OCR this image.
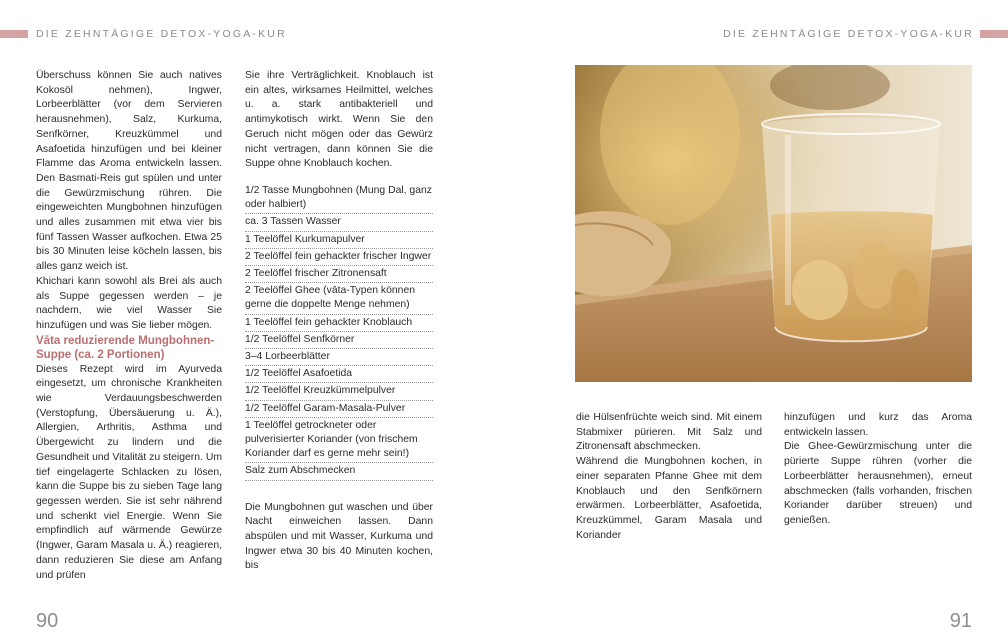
DIE ZEHNTÄGIGE DETOX-YOGA-KUR

Überschuss können Sie auch natives Kokosöl nehmen), Ingwer, Lorbeerblätter (vor dem Servieren herausnehmen), Salz, Kurkuma, Senfkörner, Kreuzkümmel und Asafoetida hinzufügen und bei kleiner Flamme das Aroma entwickeln lassen. Den Basmati-Reis gut spülen und unter die Gewürzmischung rühren. Die eingeweichten Mungbohnen hinzufügen und alles zusammen mit etwa vier bis fünf Tassen Wasser aufkochen. Etwa 25 bis 30 Minuten leise köcheln lassen, bis alles ganz weich ist.

Khichari kann sowohl als Brei als auch als Suppe gegessen werden – je nachdem, wie viel Wasser Sie hinzufügen und was Sie lieber mögen.

Vāta reduzierende Mungbohnen-Suppe (ca. 2 Portionen)

Dieses Rezept wird im Ayurveda eingesetzt, um chronische Krankheiten wie Verdauungsbeschwerden (Verstopfung, Übersäuerung u. Ä.), Allergien, Arthritis, Asthma und Übergewicht zu lindern und die Gesundheit und Vitalität zu steigern. Um tief eingelagerte Schlacken zu lösen, kann die Suppe bis zu sieben Tage lang gegessen werden. Sie ist sehr nährend und schenkt viel Energie. Wenn Sie empfindlich auf wärmende Gewürze (Ingwer, Garam Masala u. Ä.) reagieren, dann reduzieren Sie diese am Anfang und prüfen

Sie ihre Verträglichkeit. Knoblauch ist ein altes, wirksames Heilmittel, welches u. a. stark antibakteriell und antimykotisch wirkt. Wenn Sie den Geruch nicht mögen oder das Gewürz nicht vertragen, dann können Sie die Suppe ohne Knoblauch kochen.

1/2 Tasse Mungbohnen (Mung Dal, ganz oder halbiert)
ca. 3 Tassen Wasser
1 Teelöffel Kurkumapulver
2 Teelöffel fein gehackter frischer Ingwer
2 Teelöffel frischer Zitronensaft
2 Teelöffel Ghee (vāta-Typen können gerne die doppelte Menge nehmen)
1 Teelöffel fein gehackter Knoblauch
1/2 Teelöffel Senfkörner
3–4 Lorbeerblätter
1/2 Teelöffel Asafoetida
1/2 Teelöffel Kreuzkümmelpulver
1/2 Teelöffel Garam-Masala-Pulver
1 Teelöffel getrockneter oder pulverisierter Koriander (von frischem Koriander darf es gerne mehr sein!)
Salz zum Abschmecken

Die Mungbohnen gut waschen und über Nacht einweichen lassen. Dann abspülen und mit Wasser, Kurkuma und Ingwer etwa 30 bis 40 Minuten kochen, bis

90
DIE ZEHNTÄGIGE DETOX-YOGA-KUR

die Hülsenfrüchte weich sind. Mit einem Stabmixer pürieren. Mit Salz und Zitronensaft abschmecken.

Während die Mungbohnen kochen, in einer separaten Pfanne Ghee mit dem Knoblauch und den Senfkörnern erwärmen. Lorbeerblätter, Asafoetida, Kreuzkümmel, Garam Masala und Koriander

hinzufügen und kurz das Aroma entwickeln lassen.

Die Ghee-Gewürzmischung unter die pürierte Suppe rühren (vorher die Lorbeerblätter herausnehmen), erneut abschmecken (falls vorhanden, frischen Koriander darüber streuen) und genießen.

91
